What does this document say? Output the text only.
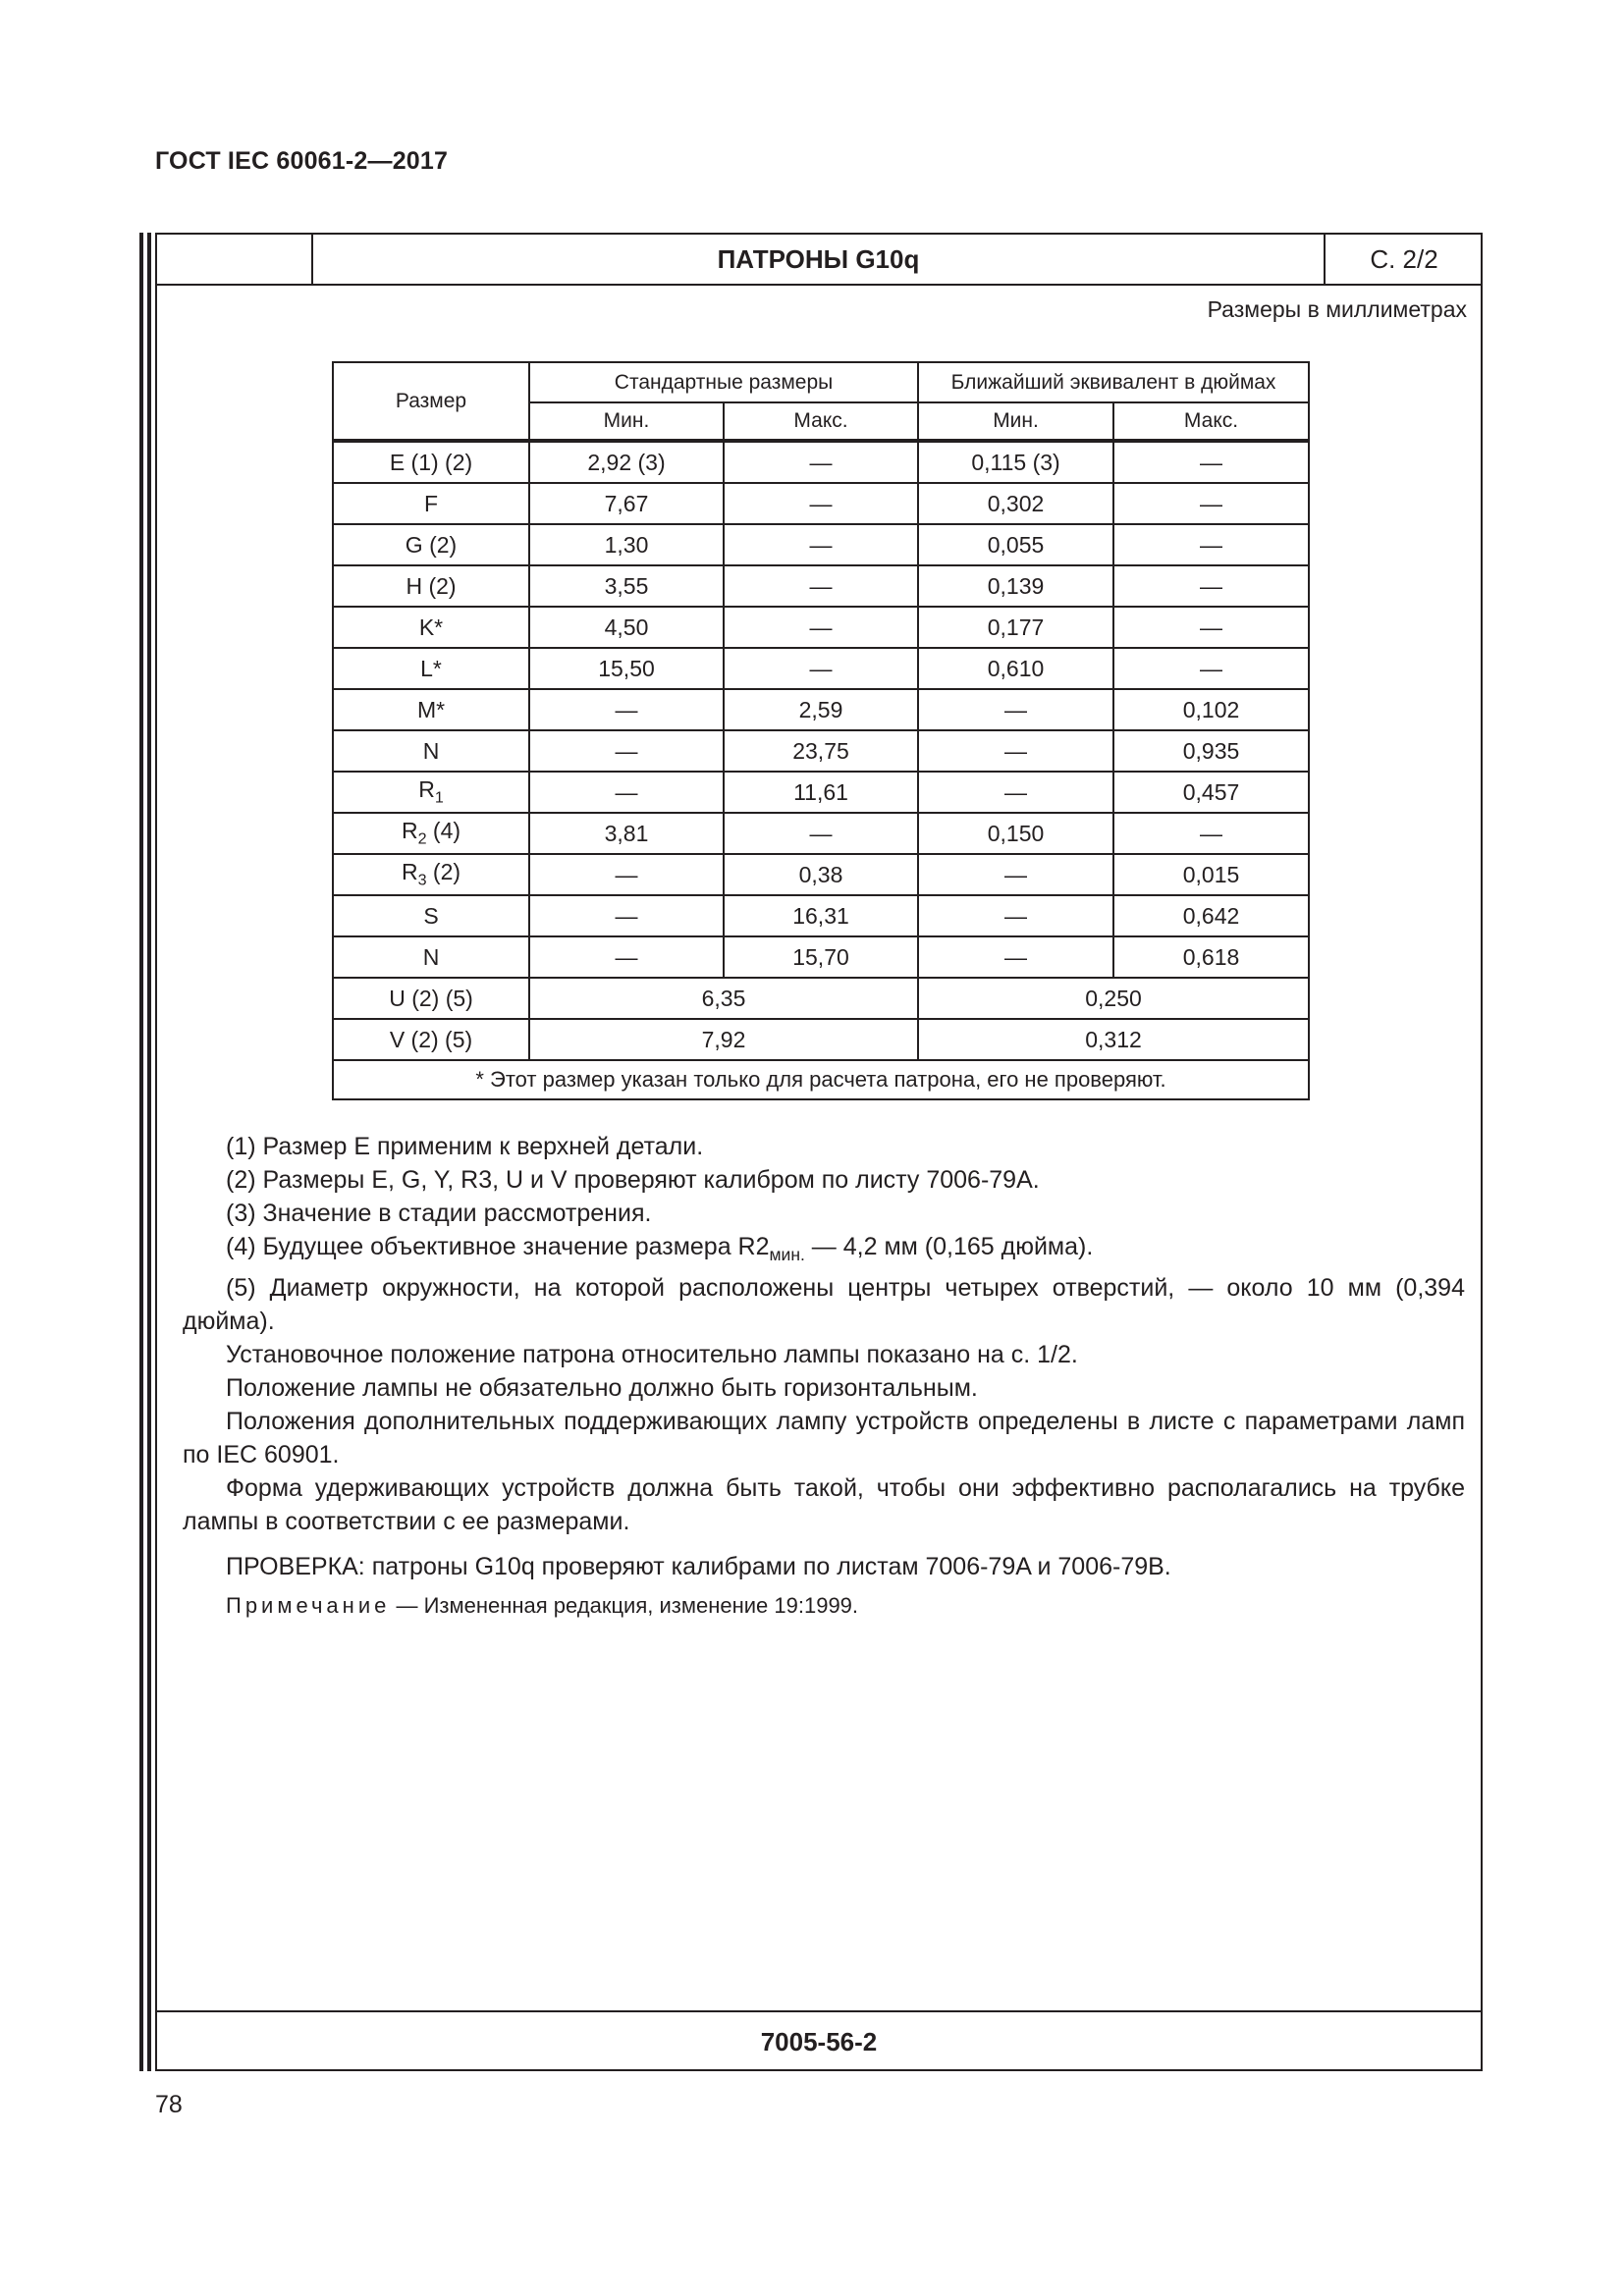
ГОСТ IEC 60061-2—2017
ПАТРОНЫ G10q	С. 2/2
Размеры в миллиметрах
Размер	Стандартные размеры		Ближайший эквивалент в дюймах	
	Мин.	Макс.	Мин.	Макс.
E (1) (2)	2,92 (3)	—	0,115 (3)	—
F	7,67	—	0,302	—
G (2)	1,30	—	0,055	—
H (2)	3,55	—	0,139	—
K*	4,50	—	0,177	—
L*	15,50	—	0,610	—
M*	—	2,59	—	0,102
N	—	23,75	—	0,935
$R_1$	—	11,61	—	0,457
$R_2$ (4)	3,81	—	0,150	—
$R_3$ (2)	—	0,38	—	0,015
S	—	16,31	—	0,642
N	—	15,70	—	0,618
U (2) (5)	6,35		0,250	
V (2) (5)	7,92		0,312	
* Этот размер указан только для расчета патрона, его не проверяют.				

(1) Размер E применим к верхней детали.

(2) Размеры E, G, Y, R3, U и V проверяют калибром по листу 7006-79A.

(3) Значение в стадии рассмотрения.

(4) Будущее объективное значение размера $R2_{мин.}$ — 4,2 мм (0,165 дюйма).

(5) Диаметр окружности, на которой расположены центры четырех отверстий, — около 10 мм (0,394 дюйма).

Установочное положение патрона относительно лампы показано на с. 1/2.

Положение лампы не обязательно должно быть горизонтальным.

Положения дополнительных поддерживающих лампу устройств определены в листе с параметрами ламп по IEC 60901.

Форма удерживающих устройств должна быть такой, чтобы они эффективно располагались на трубке лампы в соответствии с ее размерами.

ПРОВЕРКА: патроны G10q проверяют калибрами по листам 7006-79A и 7006-79B.

Примечание — Измененная редакция, изменение 19:1999.

7005-56-2
78
